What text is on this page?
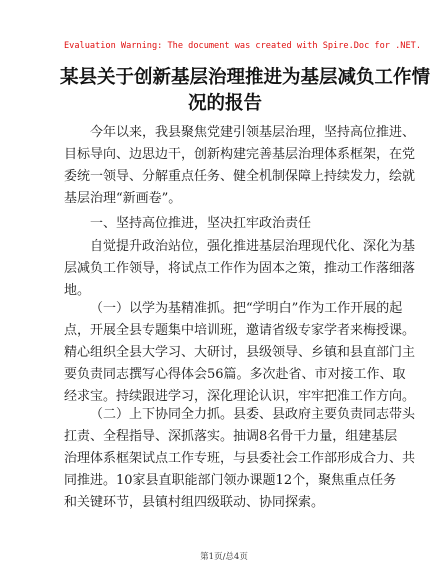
Evaluation Warning: The document was created with Spire.Doc for .NET.
某县关于创新基层治理推进为基层减负工作情
况的报告
今年以来，我县聚焦党建引领基层治理，坚持高位推进、
目标导向、边思边干，创新构建完善基层治理体系框架，在党
委统一领导、分解重点任务、健全机制保障上持续发力，绘就
基层治理“新画卷”。
一、坚持高位推进，坚决扛牢政治责任
自觉提升政治站位，强化推进基层治理现代化、深化为基
层减负工作领导，将试点工作作为固本之策，推动工作落细落
地。
（一）以学为基精准抓。把“学明白”作为工作开展的起
点，开展全县专题集中培训班，邀请省级专家学者来梅授课。
精心组织全县大学习、大研讨，县级领导、乡镇和县直部门主
要负责同志撰写心得体会56篇。多次赴省、市对接工作、取
经求宝。持续跟进学习，深化理论认识，牢牢把准工作方向。
（二）上下协同全力抓。县委、县政府主要负责同志带头
扛责、全程指导、深抓落实。抽调8名骨干力量，组建基层
治理体系框架试点工作专班，与县委社会工作部形成合力、共
同推进。10家县直职能部门领办课题12个，聚焦重点任务
和关键环节，县镇村组四级联动、协同探索。
第1页/总4页
